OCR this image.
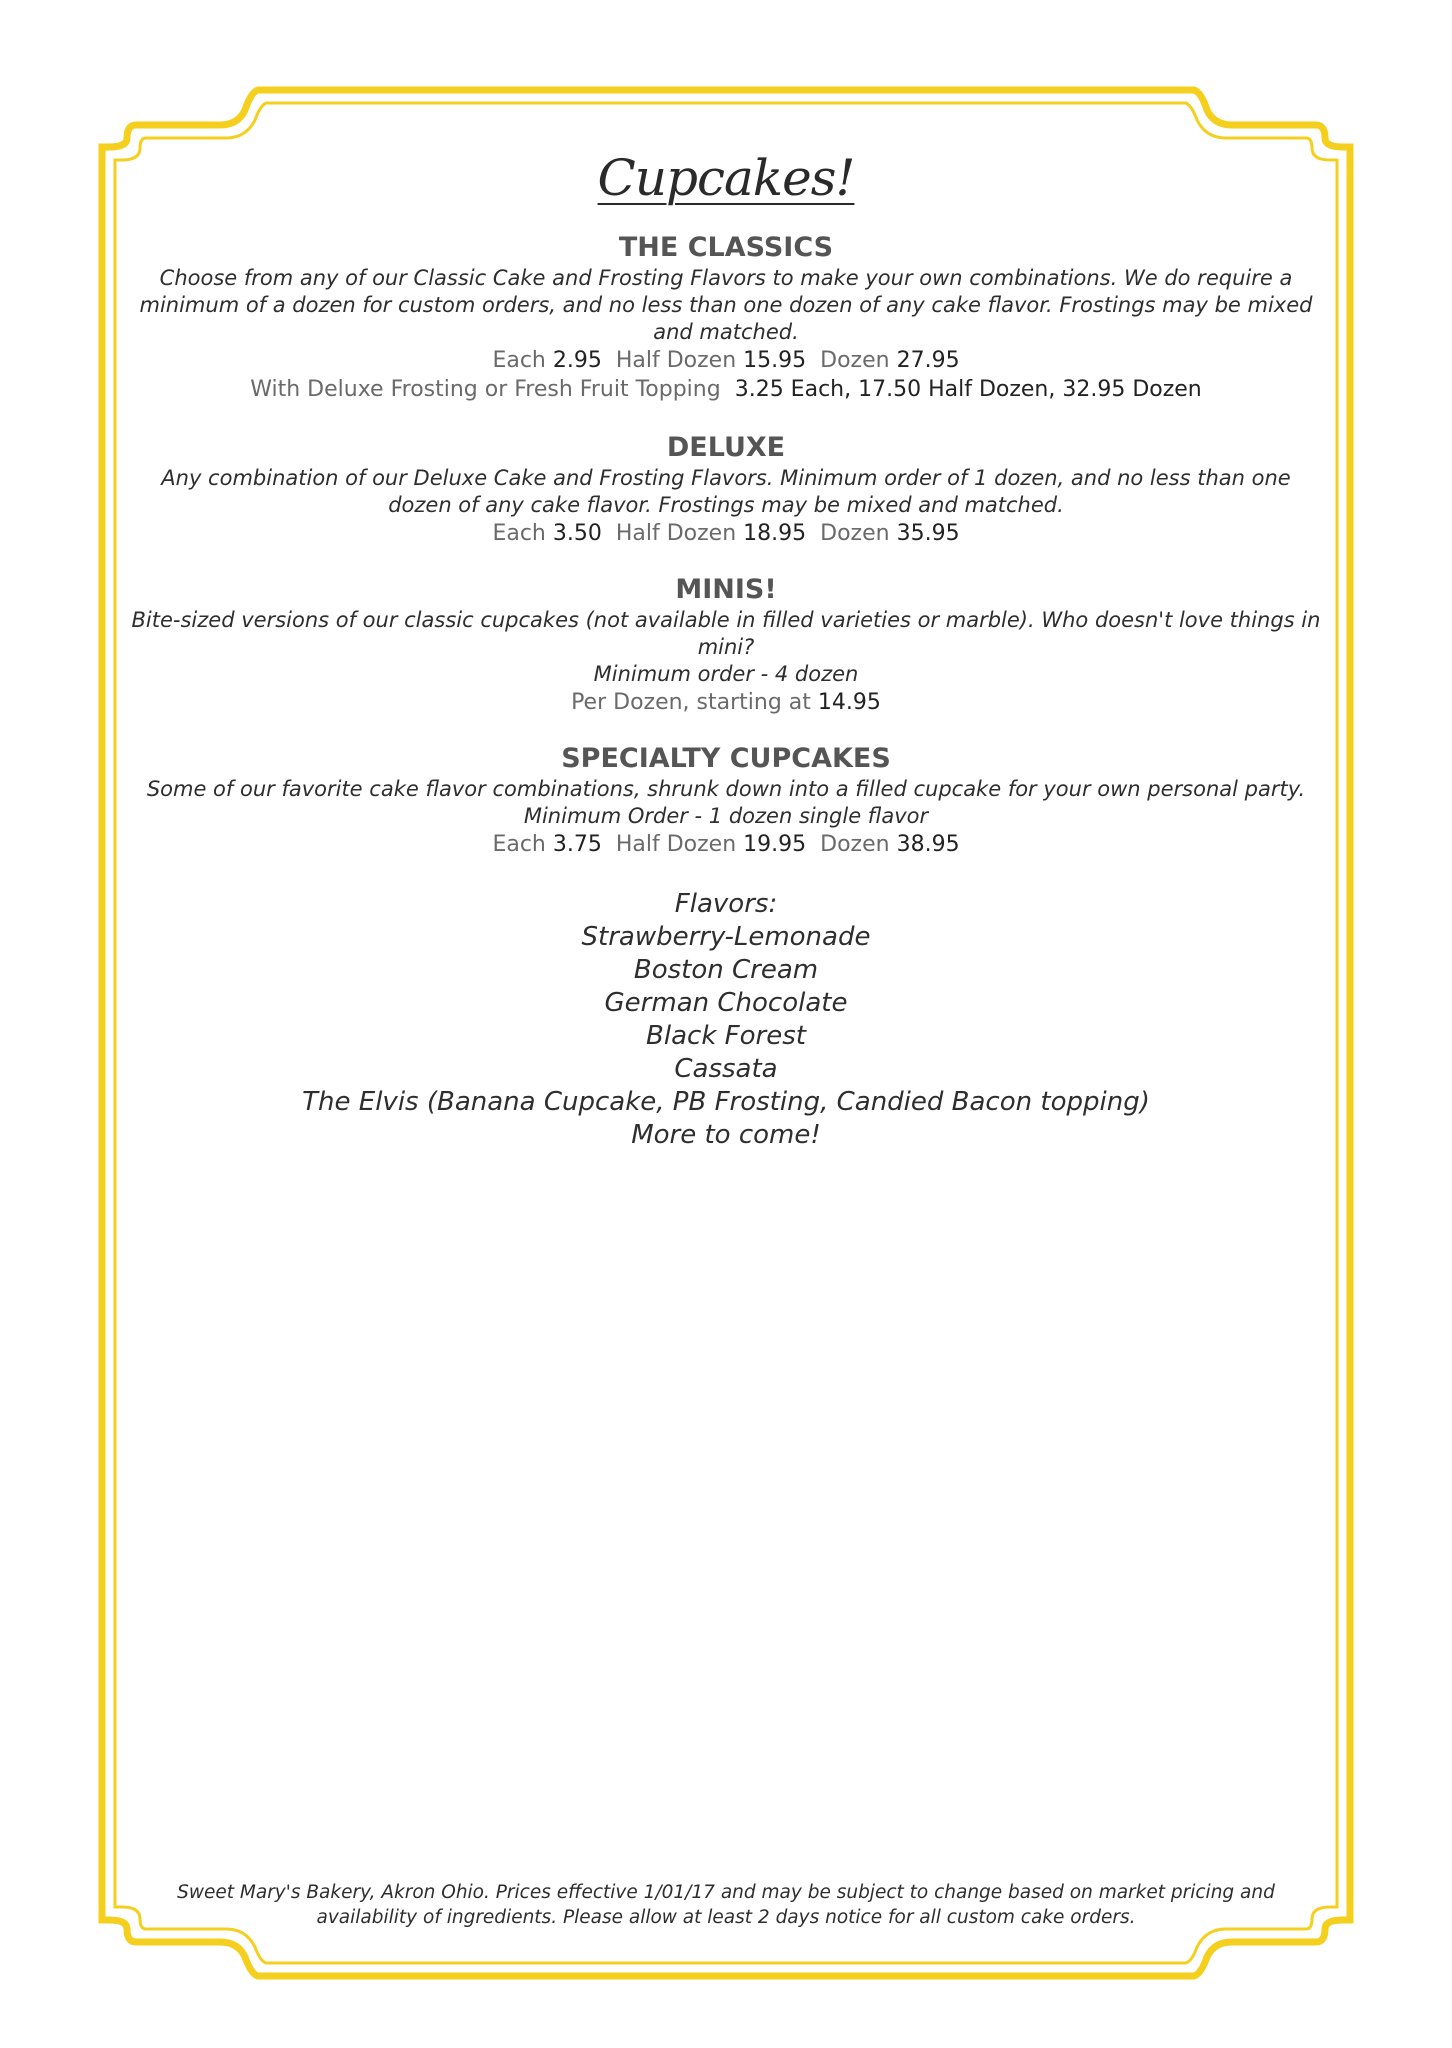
Cupcakes!
THE CLASSICS
Choose from any of our Classic Cake and Frosting Flavors to make your own combinations. We do require a
minimum of a dozen for custom orders, and no less than one dozen of any cake flavor. Frostings may be mixed
and matched.
Each 2.95 Half Dozen 15.95 Dozen 27.95
With Deluxe Frosting or Fresh Fruit Topping 3.25 Each, 17.50 Half Dozen, 32.95 Dozen
DELUXE
Any combination of our Deluxe Cake and Frosting Flavors. Minimum order of 1 dozen, and no less than one
dozen of any cake flavor. Frostings may be mixed and matched.
Each 3.50 Half Dozen 18.95 Dozen 35.95
MINIS!
Bite-sized versions of our classic cupcakes (not available in filled varieties or marble). Who doesn't love things in
mini?
Minimum order - 4 dozen
Per Dozen, starting at 14.95
SPECIALTY CUPCAKES
Some of our favorite cake flavor combinations, shrunk down into a filled cupcake for your own personal party.
Minimum Order - 1 dozen single flavor
Each 3.75 Half Dozen 19.95 Dozen 38.95
Flavors:
Strawberry-Lemonade
Boston Cream
German Chocolate
Black Forest
Cassata
The Elvis (Banana Cupcake, PB Frosting, Candied Bacon topping)
More to come!
Sweet Mary's Bakery, Akron Ohio. Prices effective 1/01/17 and may be subject to change based on market pricing and
availability of ingredients. Please allow at least 2 days notice for all custom cake orders.
